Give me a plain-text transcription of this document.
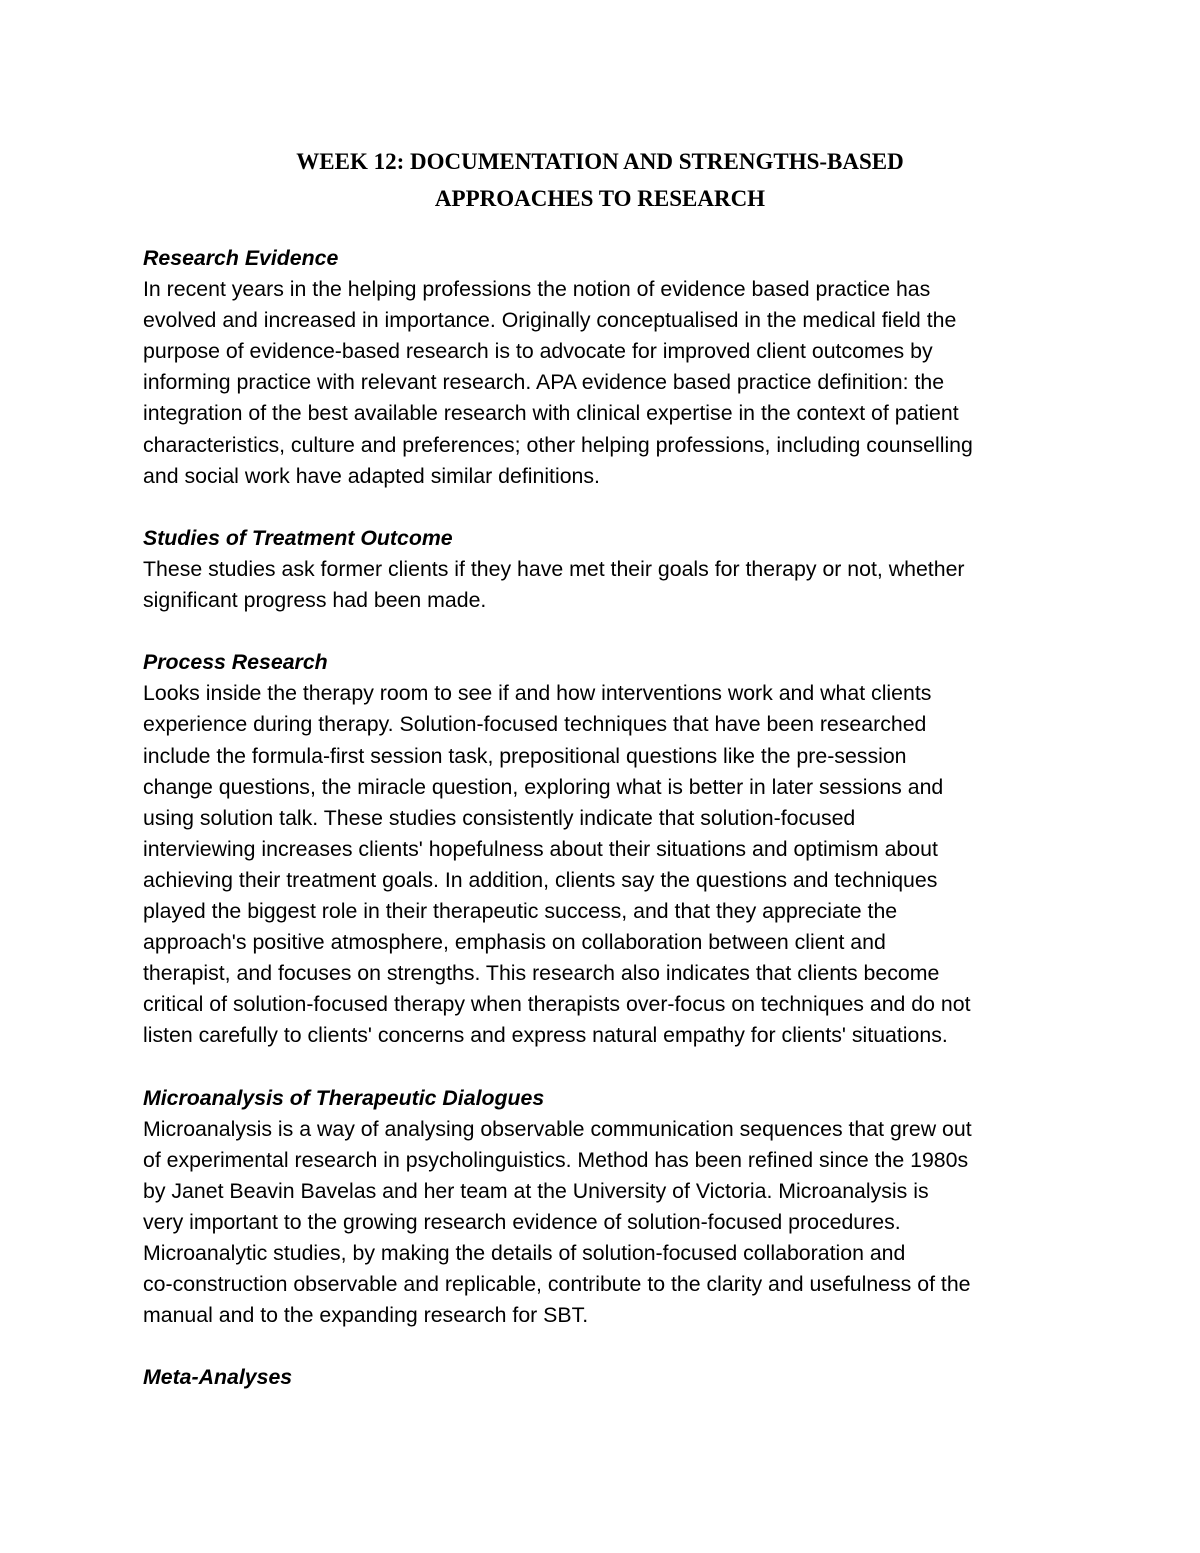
WEEK 12: DOCUMENTATION AND STRENGTHS-BASED
APPROACHES TO RESEARCH
Research Evidence
In recent years in the helping professions the notion of evidence based practice has
evolved and increased in importance. Originally conceptualised in the medical field the
purpose of evidence-based research is to advocate for improved client outcomes by
informing practice with relevant research. APA evidence based practice definition: the
integration of the best available research with clinical expertise in the context of patient
characteristics, culture and preferences; other helping professions, including counselling
and social work have adapted similar definitions.
Studies of Treatment Outcome
These studies ask former clients if they have met their goals for therapy or not, whether
significant progress had been made.
Process Research
Looks inside the therapy room to see if and how interventions work and what clients
experience during therapy. Solution-focused techniques that have been researched
include the formula-first session task, prepositional questions like the pre-session
change questions, the miracle question, exploring what is better in later sessions and
using solution talk. These studies consistently indicate that solution-focused
interviewing increases clients' hopefulness about their situations and optimism about
achieving their treatment goals. In addition, clients say the questions and techniques
played the biggest role in their therapeutic success, and that they appreciate the
approach's positive atmosphere, emphasis on collaboration between client and
therapist, and focuses on strengths. This research also indicates that clients become
critical of solution-focused therapy when therapists over-focus on techniques and do not
listen carefully to clients' concerns and express natural empathy for clients' situations.
Microanalysis of Therapeutic Dialogues
Microanalysis is a way of analysing observable communication sequences that grew out
of experimental research in psycholinguistics. Method has been refined since the 1980s
by Janet Beavin Bavelas and her team at the University of Victoria. Microanalysis is
very important to the growing research evidence of solution-focused procedures.
Microanalytic studies, by making the details of solution-focused collaboration and
co-construction observable and replicable, contribute to the clarity and usefulness of the
manual and to the expanding research for SBT.
Meta-Analyses
